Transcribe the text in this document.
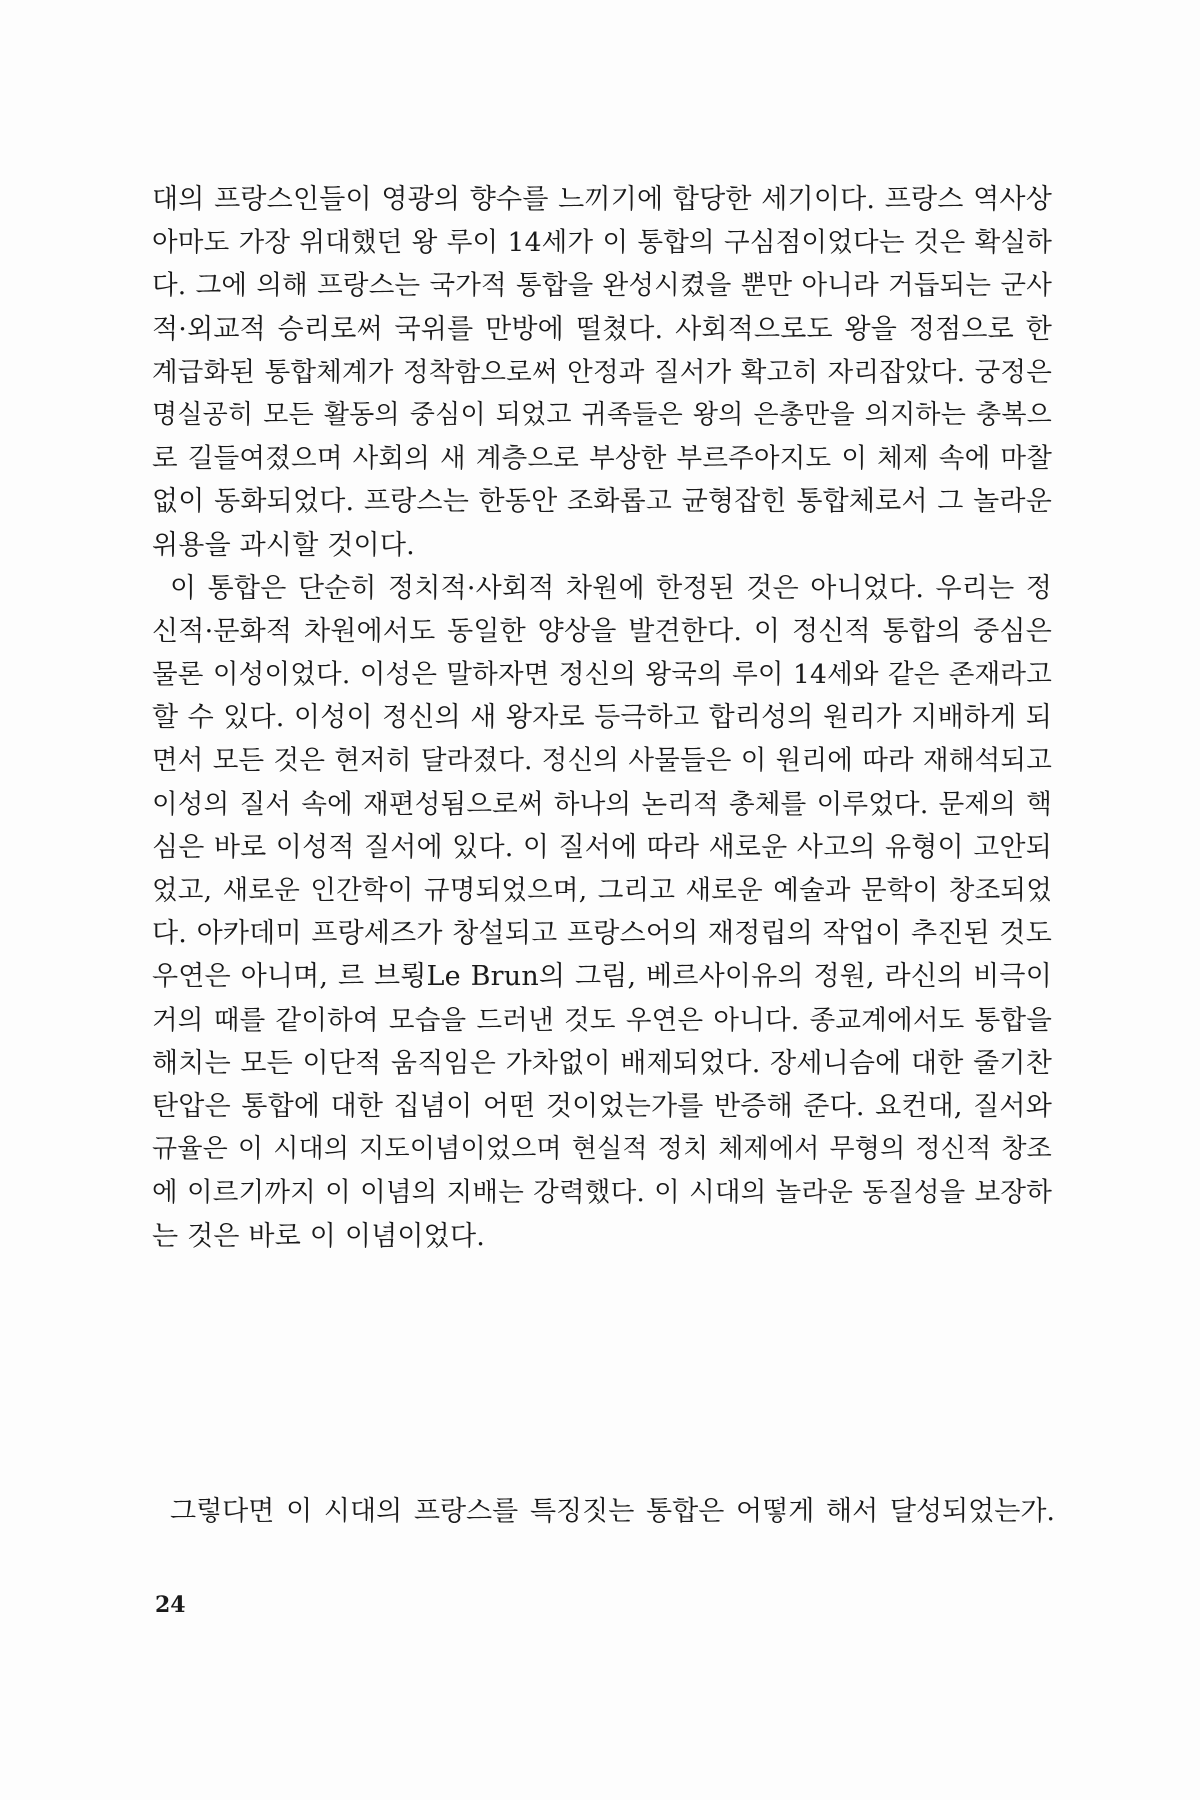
대의 프랑스인들이 영광의 향수를 느끼기에 합당한 세기이다. 프랑스 역사상
아마도 가장 위대했던 왕 루이 14세가 이 통합의 구심점이었다는 것은 확실하
다. 그에 의해 프랑스는 국가적 통합을 완성시켰을 뿐만 아니라 거듭되는 군사
적·외교적 승리로써 국위를 만방에 떨쳤다. 사회적으로도 왕을 정점으로 한
계급화된 통합체계가 정착함으로써 안정과 질서가 확고히 자리잡았다. 궁정은
명실공히 모든 활동의 중심이 되었고 귀족들은 왕의 은총만을 의지하는 충복으
로 길들여졌으며 사회의 새 계층으로 부상한 부르주아지도 이 체제 속에 마찰
없이 동화되었다. 프랑스는 한동안 조화롭고 균형잡힌 통합체로서 그 놀라운
위용을 과시할 것이다.
이 통합은 단순히 정치적·사회적 차원에 한정된 것은 아니었다. 우리는 정
신적·문화적 차원에서도 동일한 양상을 발견한다. 이 정신적 통합의 중심은
물론 이성이었다. 이성은 말하자면 정신의 왕국의 루이 14세와 같은 존재라고
할 수 있다. 이성이 정신의 새 왕자로 등극하고 합리성의 원리가 지배하게 되
면서 모든 것은 현저히 달라졌다. 정신의 사물들은 이 원리에 따라 재해석되고
이성의 질서 속에 재편성됨으로써 하나의 논리적 총체를 이루었다. 문제의 핵
심은 바로 이성적 질서에 있다. 이 질서에 따라 새로운 사고의 유형이 고안되
었고, 새로운 인간학이 규명되었으며, 그리고 새로운 예술과 문학이 창조되었
다. 아카데미 프랑세즈가 창설되고 프랑스어의 재정립의 작업이 추진된 것도
우연은 아니며, 르 브룅Le Brun의 그림, 베르사이유의 정원, 라신의 비극이
거의 때를 같이하여 모습을 드러낸 것도 우연은 아니다. 종교계에서도 통합을
해치는 모든 이단적 움직임은 가차없이 배제되었다. 장세니슴에 대한 줄기찬
탄압은 통합에 대한 집념이 어떤 것이었는가를 반증해 준다. 요컨대, 질서와
규율은 이 시대의 지도이념이었으며 현실적 정치 체제에서 무형의 정신적 창조
에 이르기까지 이 이념의 지배는 강력했다. 이 시대의 놀라운 동질성을 보장하
는 것은 바로 이 이념이었다.
그렇다면 이 시대의 프랑스를 특징짓는 통합은 어떻게 해서 달성되었는가.
24
